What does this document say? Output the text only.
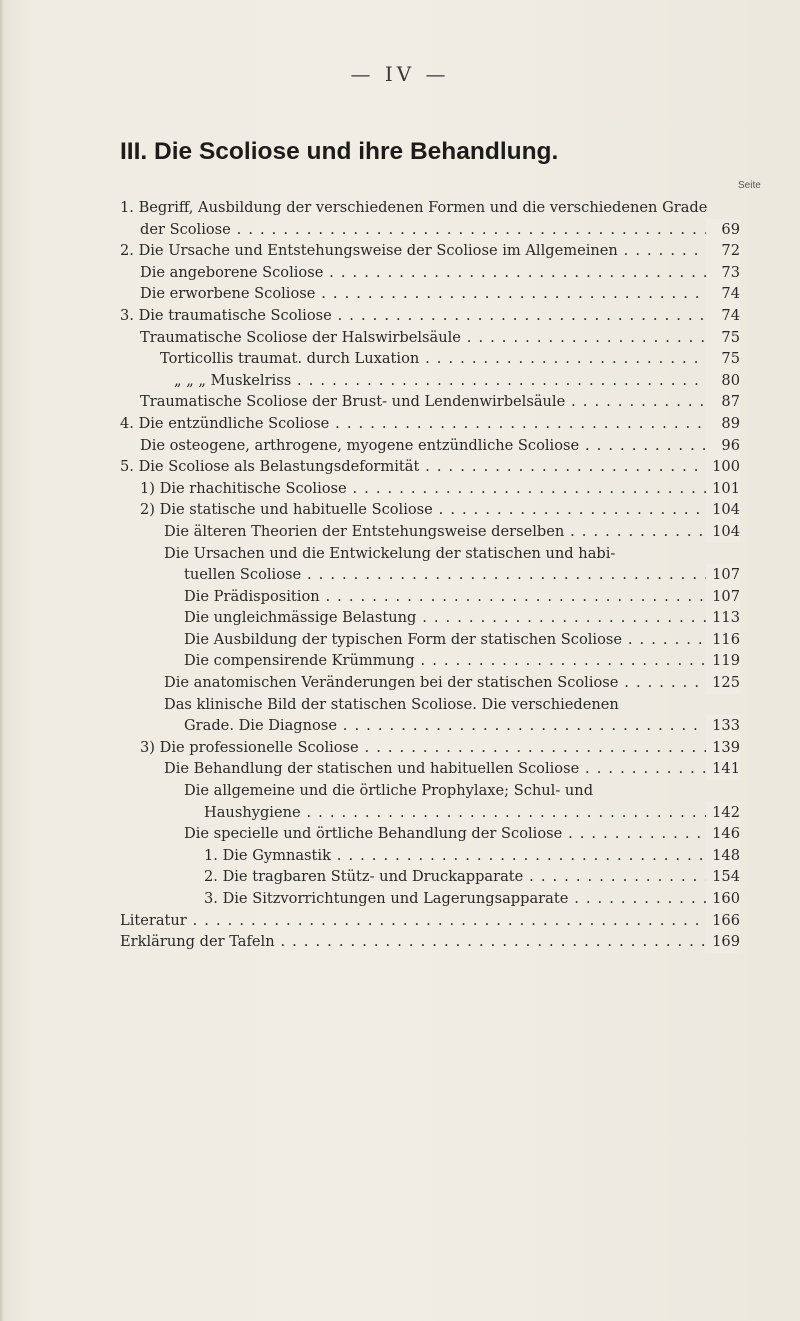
— IV —
III. Die Scoliose und ihre Behandlung.
Seite
1. Begriff, Ausbildung der verschiedenen Formen und die verschiedenen Grade
der Scoliose . . .	69
2. Die Ursache und Entstehungsweise der Scoliose im Allgemeinen . . .	72
Die angeborene Scoliose . . .	73
Die erworbene Scoliose . . .	74
3. Die traumatische Scoliose . . .	74
Traumatische Scoliose der Halswirbelsäule . . .	75
Torticollis traumat. durch Luxation . . .	75
„ „ „ Muskelriss . . .	80
Traumatische Scoliose der Brust- und Lendenwirbelsäule . . .	87
4. Die entzündliche Scoliose . . .	89
Die osteogene, arthrogene, myogene entzündliche Scoliose . . .	96
5. Die Scoliose als Belastungsdeformität . . .	100
1) Die rhachitische Scoliose . . .	101
2) Die statische und habituelle Scoliose . . .	104
Die älteren Theorien der Entstehungsweise derselben . . .	104
Die Ursachen und die Entwickelung der statischen und habi-
tuellen Scoliose . . .	107
Die Prädisposition . . .	107
Die ungleichmässige Belastung . . .	113
Die Ausbildung der typischen Form der statischen Scoliose . . .	116
Die compensirende Krümmung . . .	119
Die anatomischen Veränderungen bei der statischen Scoliose . . .	125
Das klinische Bild der statischen Scoliose. Die verschiedenen
Grade. Die Diagnose . . .	133
3) Die professionelle Scoliose . . .	139
Die Behandlung der statischen und habituellen Scoliose . . .	141
Die allgemeine und die örtliche Prophylaxe; Schul- und
Haushygiene . . .	142
Die specielle und örtliche Behandlung der Scoliose . . .	146
1. Die Gymnastik . . .	148
2. Die tragbaren Stütz- und Druckapparate . . .	154
3. Die Sitzvorrichtungen und Lagerungsapparate . . .	160
Literatur . . .	166
Erklärung der Tafeln . . .	169
